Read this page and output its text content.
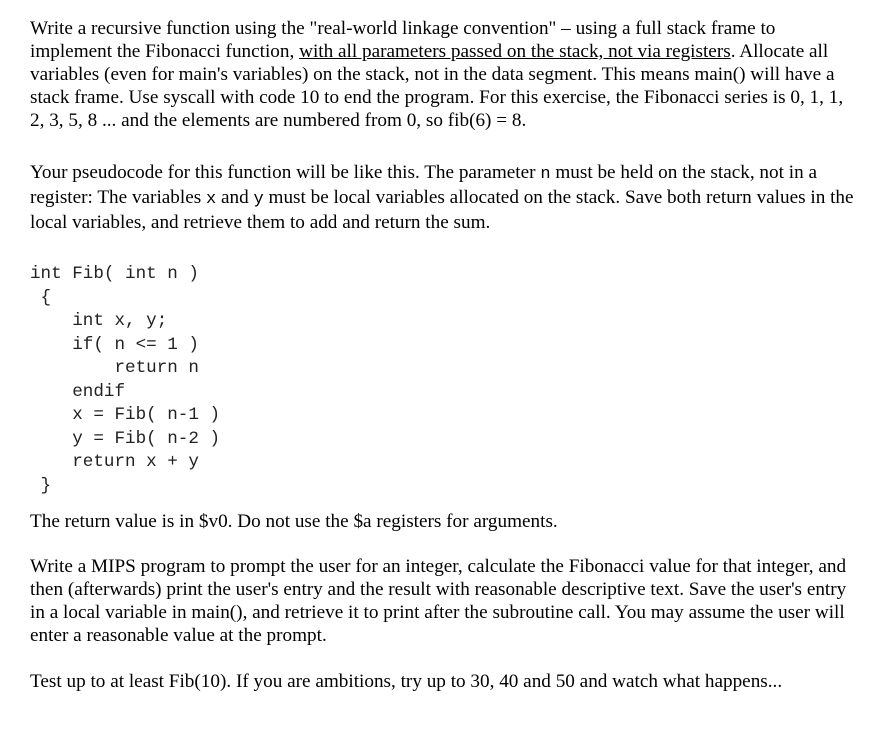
Write a recursive function using the "real-world linkage convention" – using a full stack frame to implement the Fibonacci function, with all parameters passed on the stack, not via registers. Allocate all variables (even for main's variables) on the stack, not in the data segment. This means main() will have a stack frame. Use syscall with code 10 to end the program. For this exercise, the Fibonacci series is 0, 1, 1, 2, 3, 5, 8 ... and the elements are numbered from 0, so fib(6) = 8.

Your pseudocode for this function will be like this. The parameter n must be held on the stack, not in a register: The variables x and y must be local variables allocated on the stack. Save both return values in the local variables, and retrieve them to add and return the sum.

int Fib( int n )
{
int x, y;
if( n <= 1 )
return n
endif
x = Fib( n-1 )
y = Fib( n-2 )
return x + y
}

The return value is in $v0. Do not use the $a registers for arguments.

Write a MIPS program to prompt the user for an integer, calculate the Fibonacci value for that integer, and then (afterwards) print the user's entry and the result with reasonable descriptive text. Save the user's entry in a local variable in main(), and retrieve it to print after the subroutine call. You may assume the user will enter a reasonable value at the prompt.

Test up to at least Fib(10). If you are ambitions, try up to 30, 40 and 50 and watch what happens...
